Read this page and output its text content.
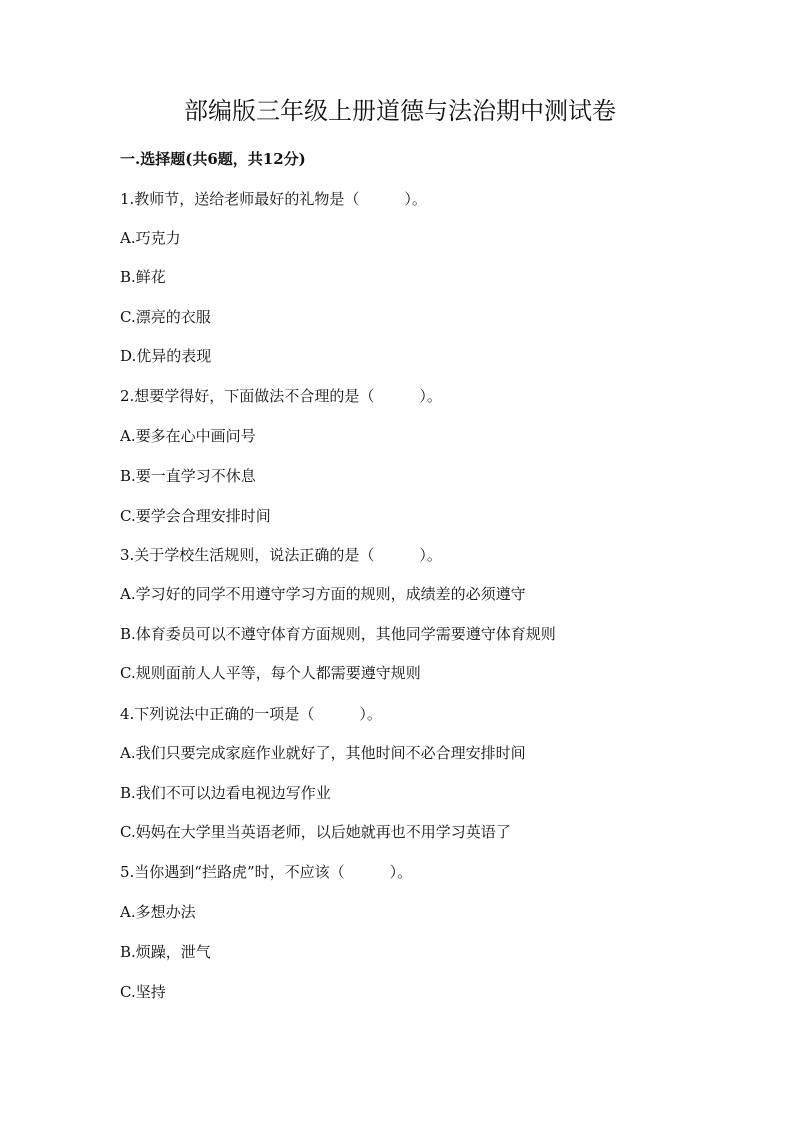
部编版三年级上册道德与法治期中测试卷
一.选择题(共6题，共12分)
1.教师节，送给老师最好的礼物是（　　　）。
A.巧克力
B.鲜花
C.漂亮的衣服
D.优异的表现
2.想要学得好，下面做法不合理的是（　　　）。
A.要多在心中画问号
B.要一直学习不休息
C.要学会合理安排时间
3.关于学校生活规则，说法正确的是（　　　）。
A.学习好的同学不用遵守学习方面的规则，成绩差的必须遵守
B.体育委员可以不遵守体育方面规则，其他同学需要遵守体育规则
C.规则面前人人平等，每个人都需要遵守规则
4.下列说法中正确的一项是（　　　）。
A.我们只要完成家庭作业就好了，其他时间不必合理安排时间
B.我们不可以边看电视边写作业
C.妈妈在大学里当英语老师，以后她就再也不用学习英语了
5.当你遇到“拦路虎”时，不应该（　　　）。
A.多想办法
B.烦躁，泄气
C.坚持
